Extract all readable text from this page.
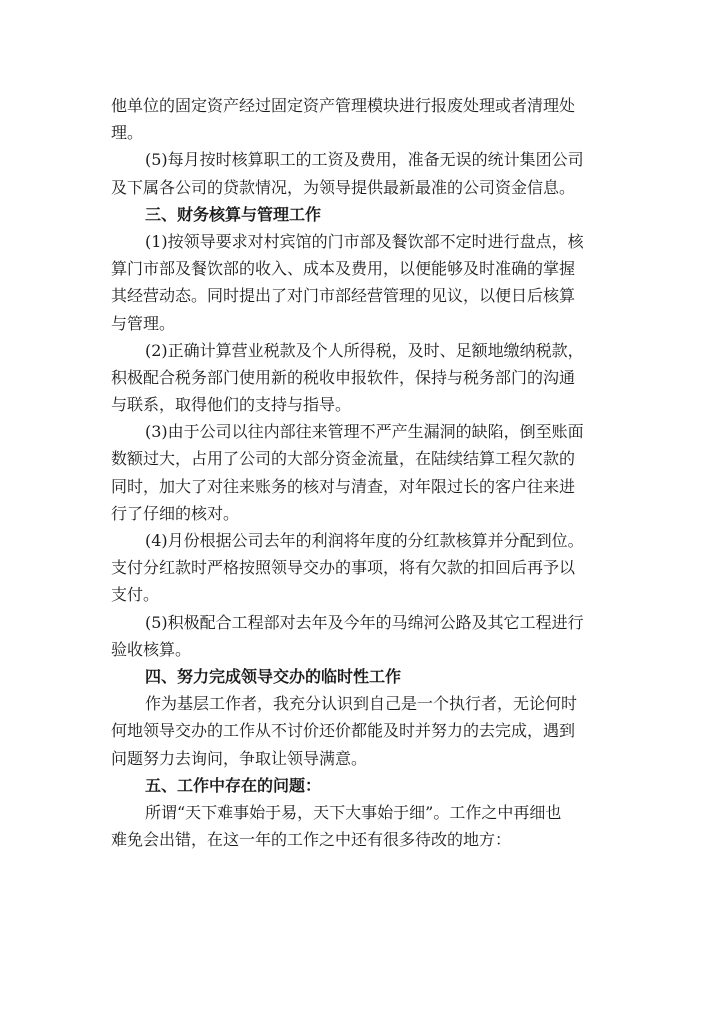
他单位的固定资产经过固定资产管理模块进行报废处理或者清理处
理。
(5)每月按时核算职工的工资及费用，准备无误的统计集团公司
及下属各公司的贷款情况，为领导提供最新最准的公司资金信息。
三、财务核算与管理工作
(1)按领导要求对村宾馆的门市部及餐饮部不定时进行盘点，核
算门市部及餐饮部的收入、成本及费用，以便能够及时准确的掌握
其经营动态。同时提出了对门市部经营管理的见议，以便日后核算
与管理。
(2)正确计算营业税款及个人所得税，及时、足额地缴纳税款，
积极配合税务部门使用新的税收申报软件，保持与税务部门的沟通
与联系，取得他们的支持与指导。
(3)由于公司以往内部往来管理不严产生漏洞的缺陷，倒至账面
数额过大，占用了公司的大部分资金流量，在陆续结算工程欠款的
同时，加大了对往来账务的核对与清查，对年限过长的客户往来进
行了仔细的核对。
(4)月份根据公司去年的利润将年度的分红款核算并分配到位。
支付分红款时严格按照领导交办的事项，将有欠款的扣回后再予以
支付。
(5)积极配合工程部对去年及今年的马绵河公路及其它工程进行
验收核算。
四、努力完成领导交办的临时性工作
作为基层工作者，我充分认识到自己是一个执行者，无论何时
何地领导交办的工作从不讨价还价都能及时并努力的去完成，遇到
问题努力去询问，争取让领导满意。
五、工作中存在的问题：
所谓“天下难事始于易，天下大事始于细”。工作之中再细也
难免会出错，在这一年的工作之中还有很多待改的地方：
